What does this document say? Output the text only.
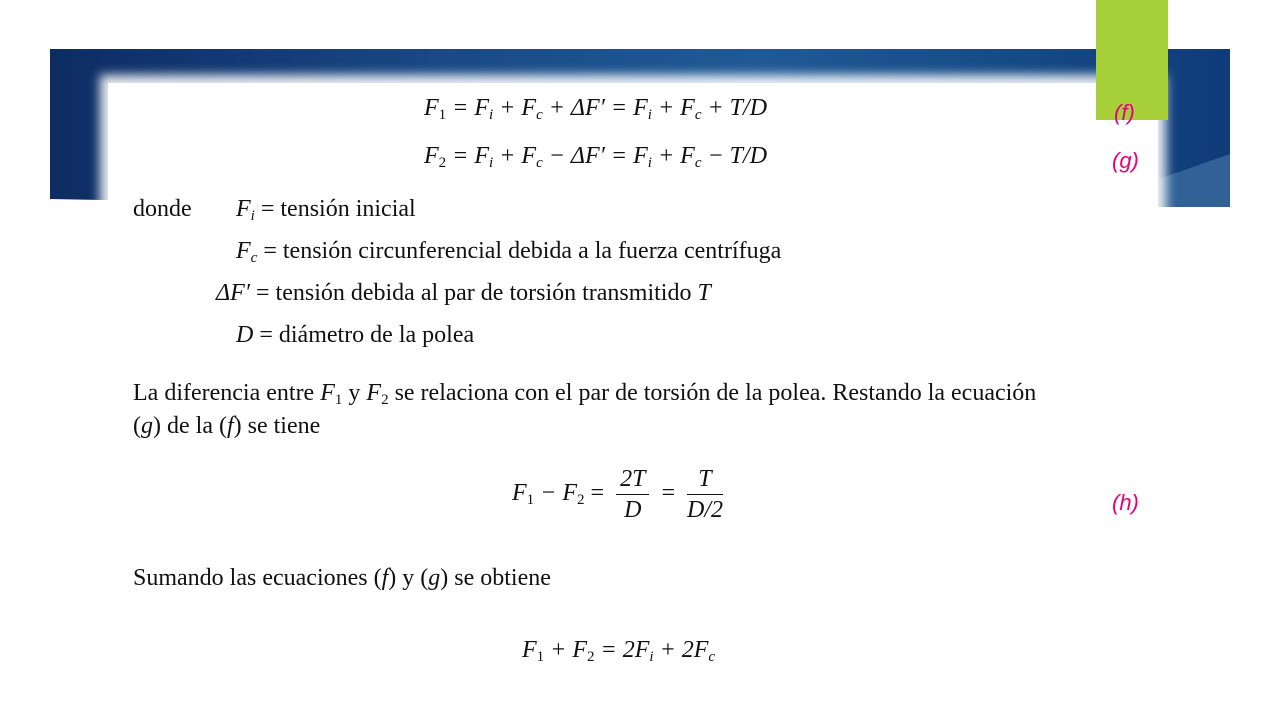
$F_1 = F_i + F_c + \Delta F' = F_i + F_c + T/D$	(f)
$F_2 = F_i + F_c - \Delta F' = F_i + F_c - T/D$	(g)
donde $F_i$ = tensión inicial
$F_c$ = tensión circunferencial debida a la fuerza centrífuga
ΔF′ = tensión debida al par de torsión transmitido T
D = diámetro de la polea
La diferencia entre $F_1$ y $F_2$ se relaciona con el par de torsión de la polea. Restando la ecuación
(g) de la (f) se tiene
$F_1 - F_2 = \frac{2T}{D} = \frac{T}{D/2}$	(h)
Sumando las ecuaciones (f) y (g) se obtiene
$F_1 + F_2 = 2F_i + 2F_c$
